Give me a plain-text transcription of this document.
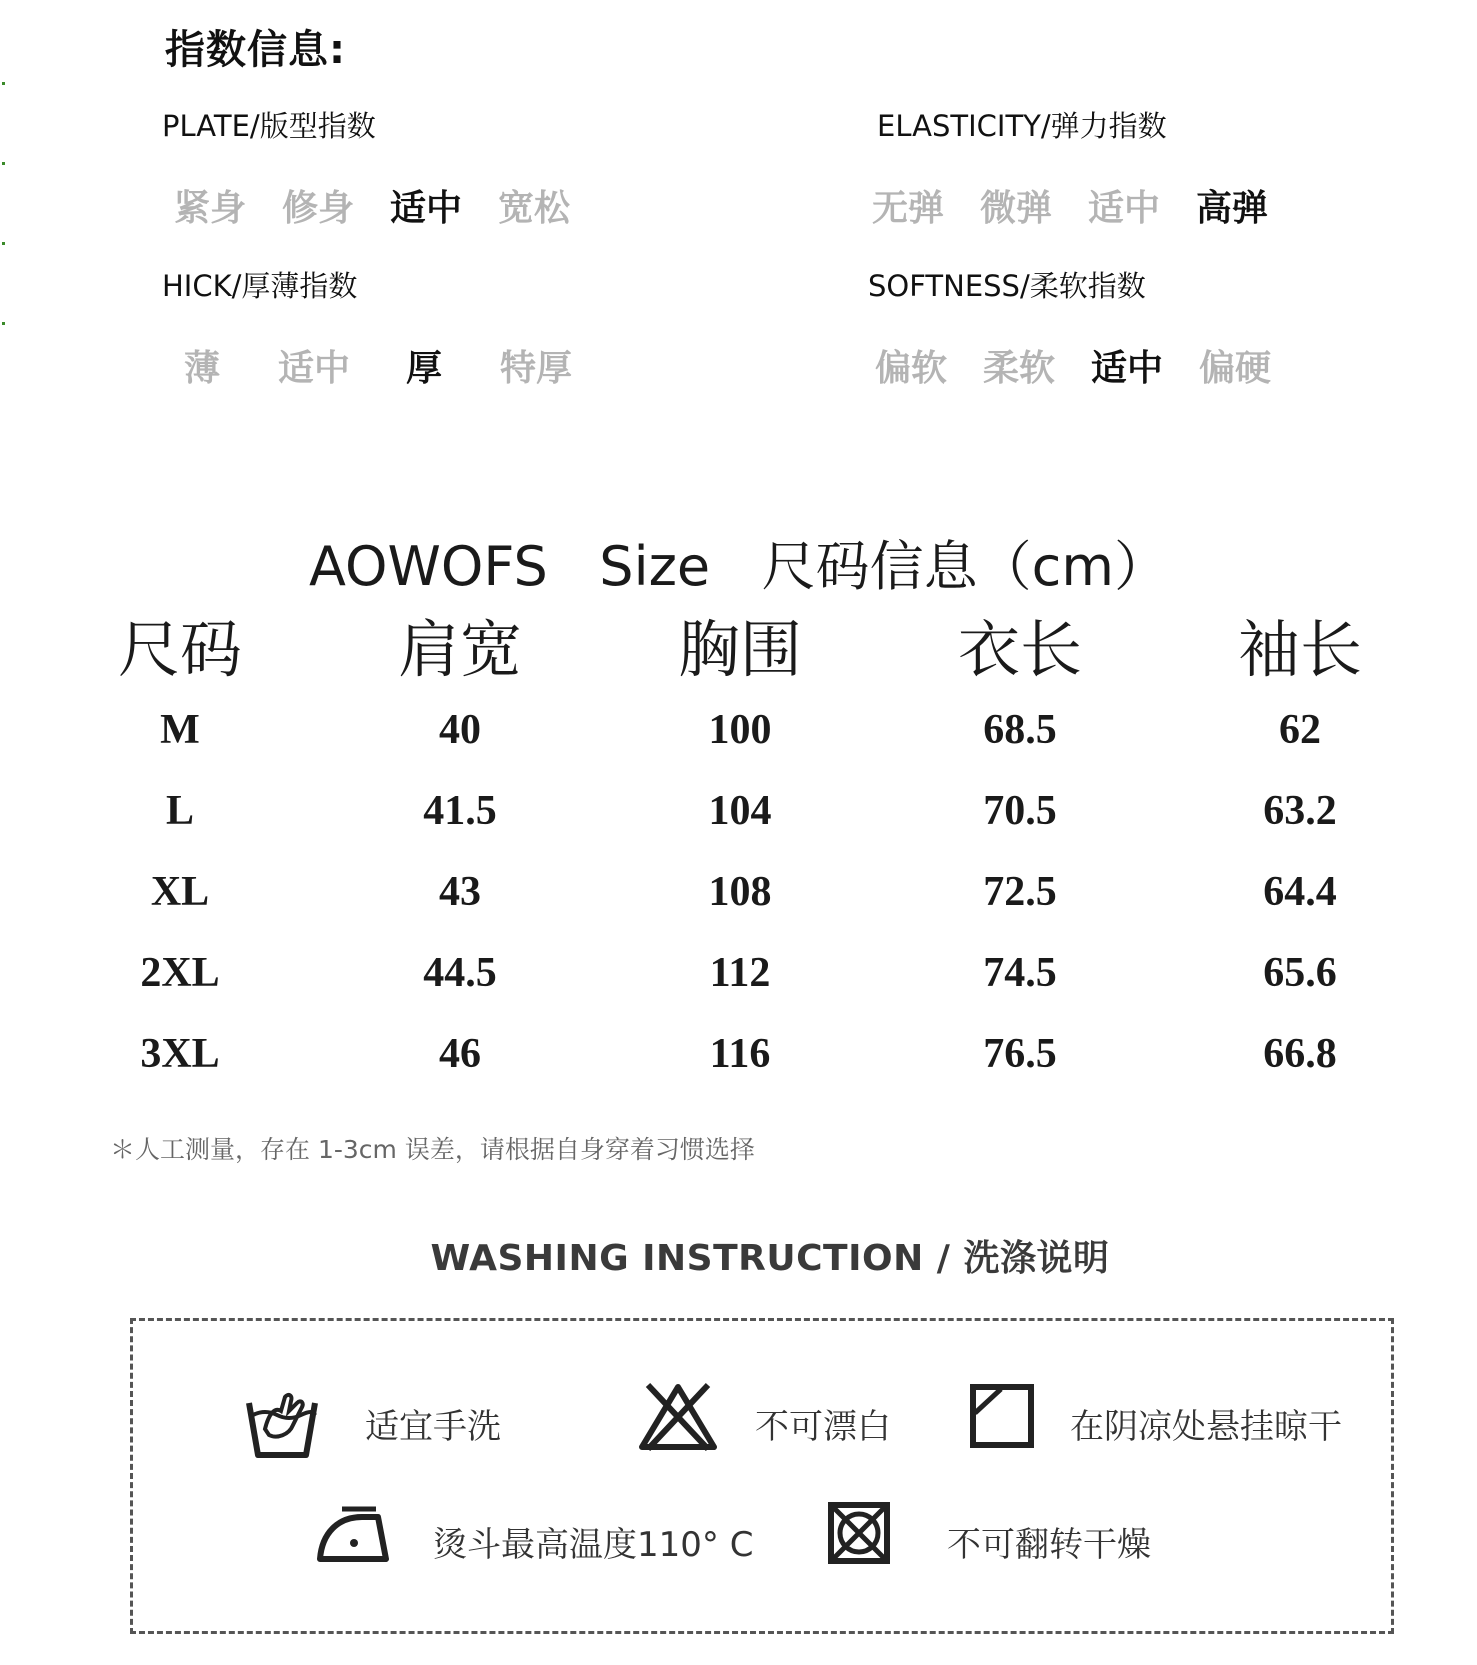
指数信息:
PLATE/版型指数
紧身 修身 适中 宽松
ELASTICITY/弹力指数
无弹 微弹 适中 高弹
HICK/厚薄指数
薄	适中	厚	特厚
SOFTNESS/柔软指数
偏软 柔软 适中 偏硬
AOWOFS   Size   尺码信息（cm）
尺码	肩宽	胸围	衣长	袖长
M	40	100	68.5	62
L	41.5	104	70.5	63.2
XL	43	108	72.5	64.4
2XL	44.5	112	74.5	65.6
3XL	46	116	76.5	66.8
＊人工测量，存在 1-3cm 误差，请根据自身穿着习惯选择
WASHING INSTRUCTION / 洗涤说明
适宜手洗	不可漂白	在阴凉处悬挂晾干
烫斗最高温度110° C	不可翻转干燥
